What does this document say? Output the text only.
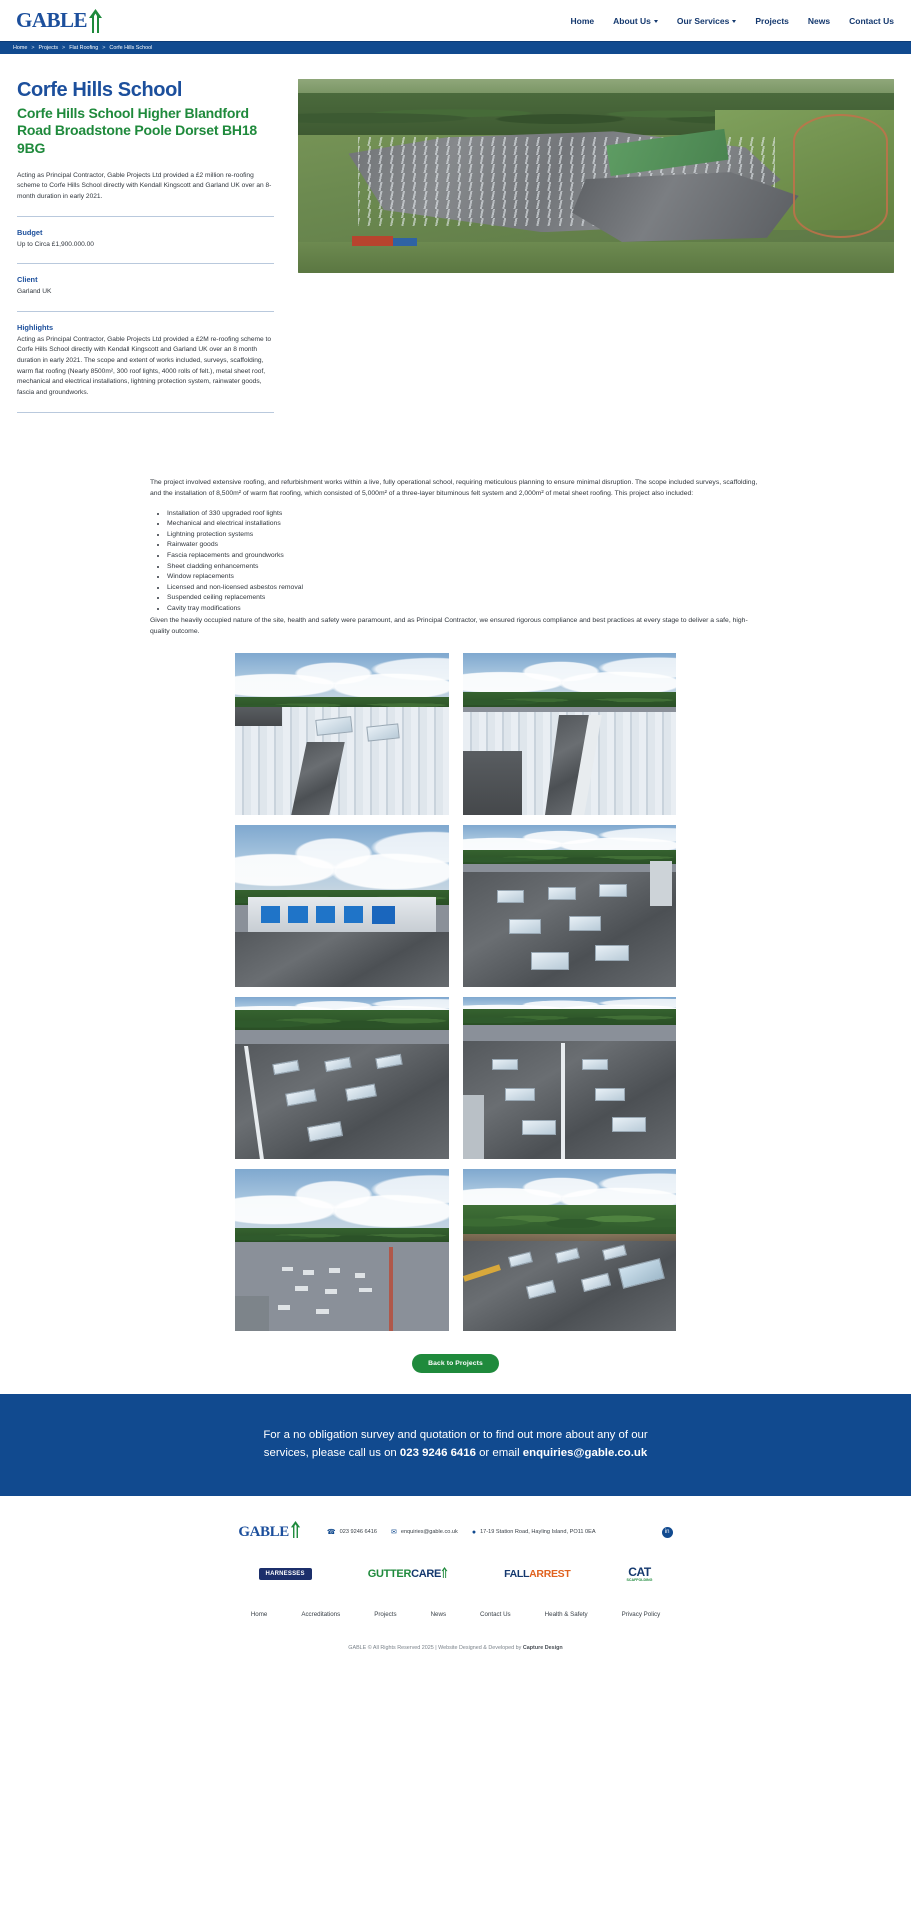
GABLE	Home About Us	Our Services	Projects News Contact Us
Home > Projects > Flat Roofing > Corfe Hills School
Corfe Hills School
Corfe Hills School Higher Blandford Road Broadstone Poole Dorset BH18 9BG

Acting as Principal Contractor, Gable Projects Ltd provided a £2 million re-roofing scheme to Corfe Hills School directly with Kendall Kingscott and Garland UK over an 8-month duration in early 2021.

Budget
Up to Circa £1,900.000.00
Client
Garland UK
Highlights
Acting as Principal Contractor, Gable Projects Ltd provided a £2M re-roofing scheme to Corfe Hills School directly with Kendall Kingscott and Garland UK over an 8 month duration in early 2021. The scope and extent of works included, surveys, scaffolding, warm flat roofing (Nearly 8500m², 300 roof lights, 4000 rolls of felt.), metal sheet roof, mechanical and electrical installations, lightning protection system, rainwater goods, fascia and groundworks.

The project involved extensive roofing, and refurbishment works within a live, fully operational school, requiring meticulous planning to ensure minimal disruption. The scope included surveys, scaffolding, and the installation of 8,500m² of warm flat roofing, which consisted of 5,000m² of a three-layer bituminous felt system and 2,000m² of metal sheet roofing. This project also included:

• Installation of 330 upgraded roof lights
• Mechanical and electrical installations
• Lightning protection systems
• Rainwater goods
• Fascia replacements and groundworks
• Sheet cladding enhancements
• Window replacements
• Licensed and non-licensed asbestos removal
• Suspended ceiling replacements
• Cavity tray modifications

Given the heavily occupied nature of the site, health and safety were paramount, and as Principal Contractor, we ensured rigorous compliance and best practices at every stage to deliver a safe, high-quality outcome.

Back to Projects
For a no obligation survey and quotation or to find out more about any of our
services, please call us on 023 9246 6416 or email enquiries@gable.co.uk
GABLE	☎ 023 9246 6416 ✉ enquiries@gable.co.uk ● 17-19 Station Road, Hayling Island, PO11 0EA	in
HARNESSES	GUTTER CARE	FALL ARREST	CAT
SCAFFOLDING
Home	Accreditations	Projects	News	Contact Us	Health & Safety	Privacy Policy
GABLE © All Rights Reserved 2025 | Website Designed & Developed by Capture Design
